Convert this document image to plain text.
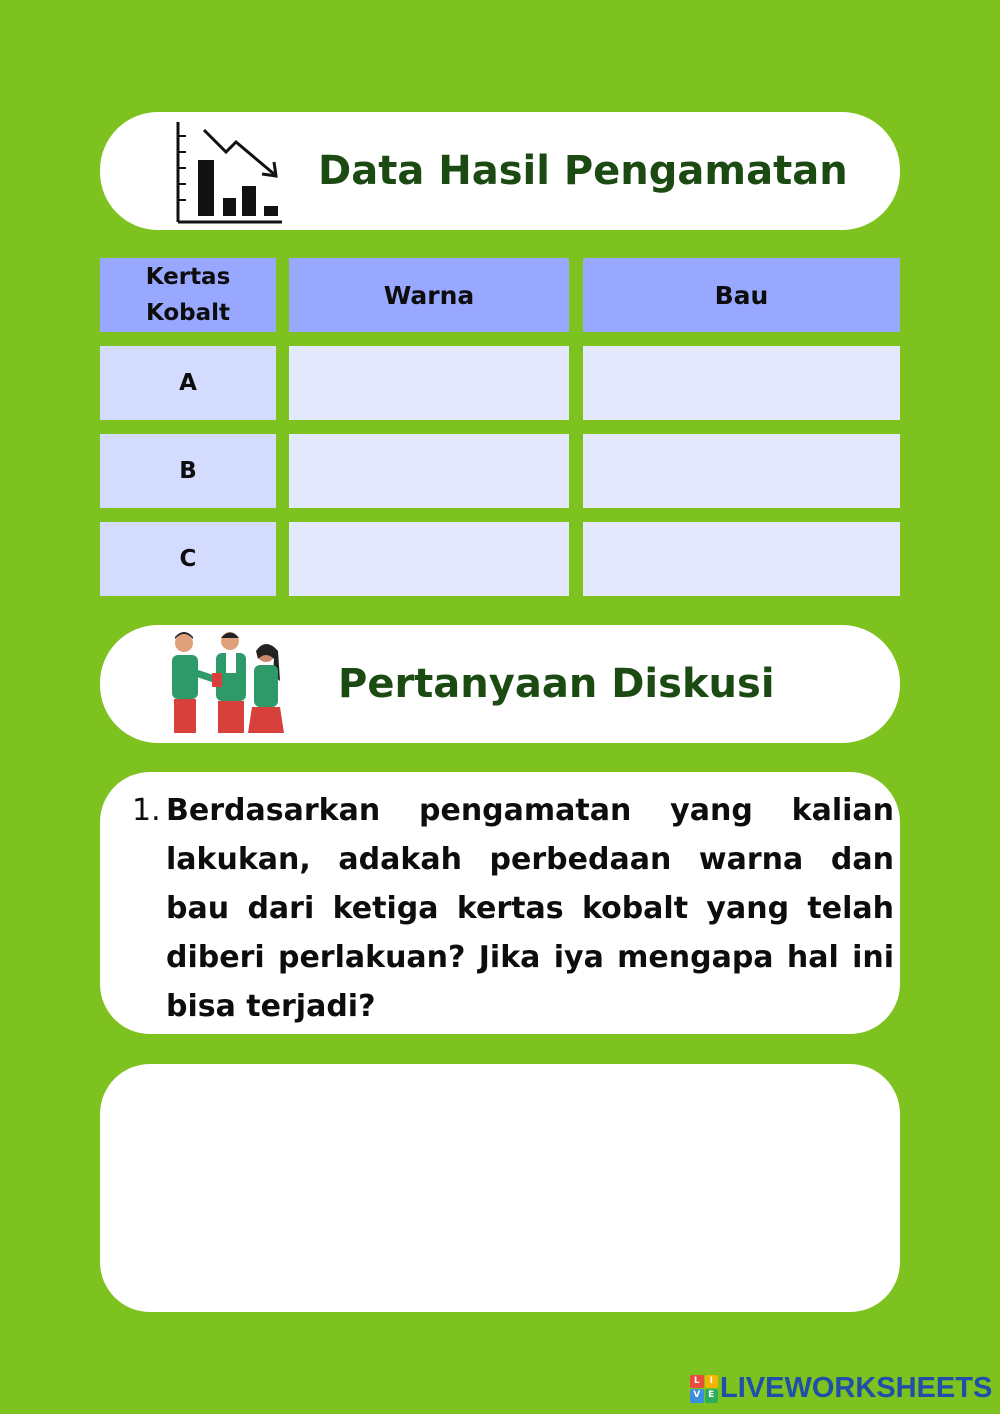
Data Hasil Pengamatan
Kertas Kobalt
Warna	Bau
A
B
C
Pertanyaan Diskusi
1. Berdasarkan pengamatan yang kalian lakukan, adakah perbedaan warna dan bau dari ketiga kertas kobalt yang telah diberi perlakuan? Jika iya mengapa hal ini bisa terjadi?
L	I
V E LIVEWORKSHEETS
